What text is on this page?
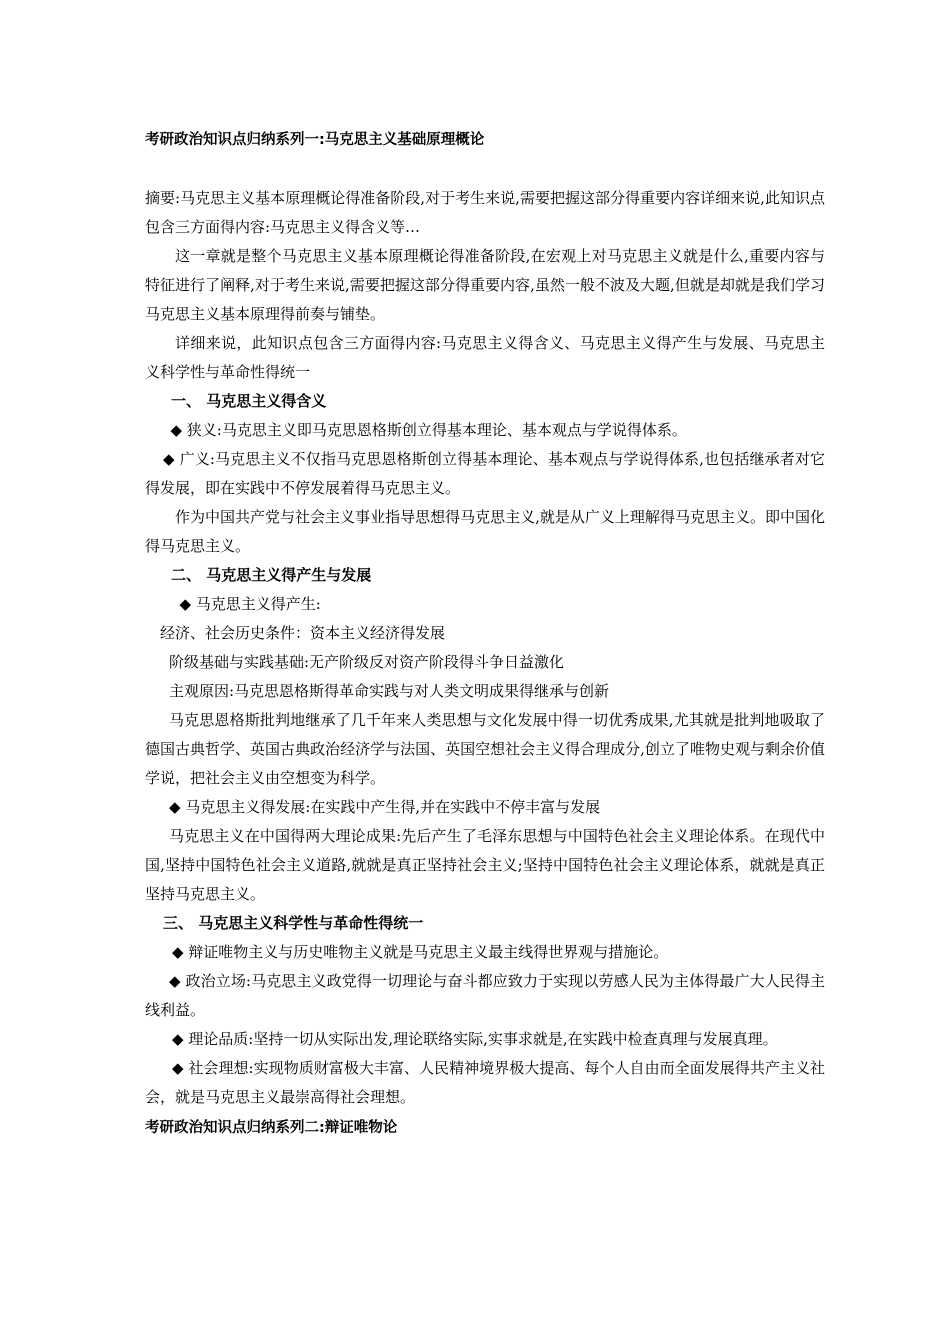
考研政治知识点归纳系列一:马克思主义基础原理概论

摘要:马克思主义基本原理概论得准备阶段,对于考生来说,需要把握这部分得重要内容详细来说,此知识点包含三方面得内容:马克思主义得含义等…

这一章就是整个马克思主义基本原理概论得准备阶段,在宏观上对马克思主义就是什么,重要内容与特征进行了阐释,对于考生来说,需要把握这部分得重要内容,虽然一般不波及大题,但就是却就是我们学习马克思主义基本原理得前奏与铺垫。

详细来说，此知识点包含三方面得内容:马克思主义得含义、马克思主义得产生与发展、马克思主义科学性与革命性得统一

一、 马克思主义得含义

◆ 狭义:马克思主义即马克思恩格斯创立得基本理论、基本观点与学说得体系。

◆ 广义:马克思主义不仅指马克思恩格斯创立得基本理论、基本观点与学说得体系,也包括继承者对它得发展，即在实践中不停发展着得马克思主义。

作为中国共产党与社会主义事业指导思想得马克思主义,就是从广义上理解得马克思主义。即中国化得马克思主义。

二、 马克思主义得产生与发展

◆ 马克思主义得产生:

经济、社会历史条件：资本主义经济得发展

阶级基础与实践基础:无产阶级反对资产阶段得斗争日益激化

主观原因:马克思恩格斯得革命实践与对人类文明成果得继承与创新

马克思恩格斯批判地继承了几千年来人类思想与文化发展中得一切优秀成果,尤其就是批判地吸取了德国古典哲学、英国古典政治经济学与法国、英国空想社会主义得合理成分,创立了唯物史观与剩余价值学说，把社会主义由空想变为科学。

◆ 马克思主义得发展:在实践中产生得,并在实践中不停丰富与发展

马克思主义在中国得两大理论成果:先后产生了毛泽东思想与中国特色社会主义理论体系。在现代中国,坚持中国特色社会主义道路,就就是真正坚持社会主义;坚持中国特色社会主义理论体系，就就是真正坚持马克思主义。

三、 马克思主义科学性与革命性得统一

◆ 辩证唯物主义与历史唯物主义就是马克思主义最主线得世界观与措施论。

◆ 政治立场:马克思主义政党得一切理论与奋斗都应致力于实现以劳感人民为主体得最广大人民得主线利益。

◆ 理论品质:坚持一切从实际出发,理论联络实际,实事求就是,在实践中检查真理与发展真理。

◆ 社会理想:实现物质财富极大丰富、人民精神境界极大提高、每个人自由而全面发展得共产主义社会，就是马克思主义最崇高得社会理想。

考研政治知识点归纳系列二:辩证唯物论
